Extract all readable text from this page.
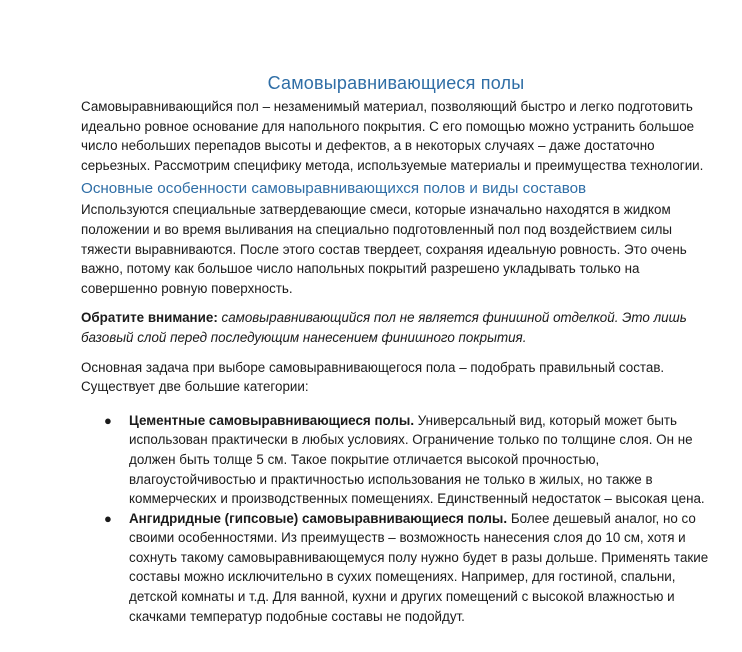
Самовыравнивающиеся полы

Самовыравнивающийся пол – незаменимый материал, позволяющий быстро и легко подготовить идеально ровное основание для напольного покрытия. С его помощью можно устранить большое число небольших перепадов высоты и дефектов, а в некоторых случаях – даже достаточно серьезных. Рассмотрим специфику метода, используемые материалы и преимущества технологии.

Основные особенности самовыравнивающихся полов и виды составов

Используются специальные затвердевающие смеси, которые изначально находятся в жидком положении и во время выливания на специально подготовленный пол под воздействием силы тяжести выравниваются. После этого состав твердеет, сохраняя идеальную ровность. Это очень важно, потому как большое число напольных покрытий разрешено укладывать только на совершенно ровную поверхность.

Обратите внимание: самовыравнивающийся пол не является финишной отделкой. Это лишь базовый слой перед последующим нанесением финишного покрытия.

Основная задача при выборе самовыравнивающегося пола – подобрать правильный состав. Существует две большие категории:

● Цементные самовыравнивающиеся полы. Универсальный вид, который может быть использован практически в любых условиях. Ограничение только по толщине слоя. Он не должен быть толще 5 см. Такое покрытие отличается высокой прочностью, влагоустойчивостью и практичностью использования не только в жилых, но также в коммерческих и производственных помещениях. Единственный недостаток – высокая цена.
● Ангидридные (гипсовые) самовыравнивающиеся полы. Более дешевый аналог, но со своими особенностями. Из преимуществ – возможность нанесения слоя до 10 см, хотя и сохнуть такому самовыравнивающемуся полу нужно будет в разы дольше. Применять такие составы можно исключительно в сухих помещениях. Например, для гостиной, спальни, детской комнаты и т.д. Для ванной, кухни и других помещений с высокой влажностью и скачками температур подобные составы не подойдут.
